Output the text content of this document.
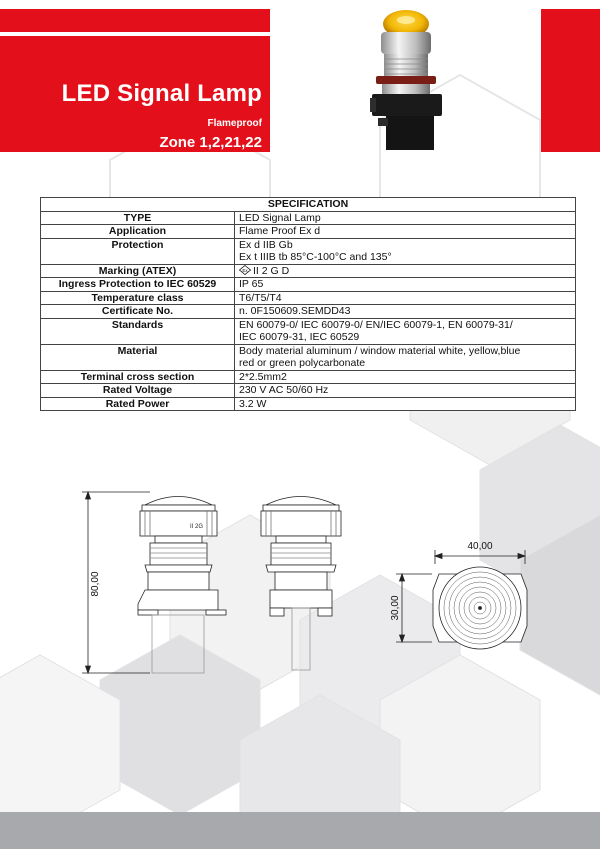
LED Signal Lamp
Flameproof
Zone 1,2,21,22
SPECIFICATION	
TYPE	LED Signal Lamp

Application	Flame Proof Ex d

Protection	Ex d IIB Gb
Ex t IIIB tb 85°C-100°C and 135°

Marking (ATEX)	Ex II 2 G D
Ingress Protection to IEC 60529	IP 65

Temperature class	T6/T5/T4

Certificate No.	n. 0F150609.SEMDD43

Standards	EN 60079-0/ IEC 60079-0/ EN/IEC 60079-1, EN 60079-31/
IEC 60079-31, IEC 60529

Material	Body material aluminum / window material white, yellow,blue
red or green polycarbonate

Terminal cross section	2*2.5mm2

Rated Voltage	230 V AC 50/60 Hz

Rated Power	3.2 W
80,00
40,00
30,00
II 2G
